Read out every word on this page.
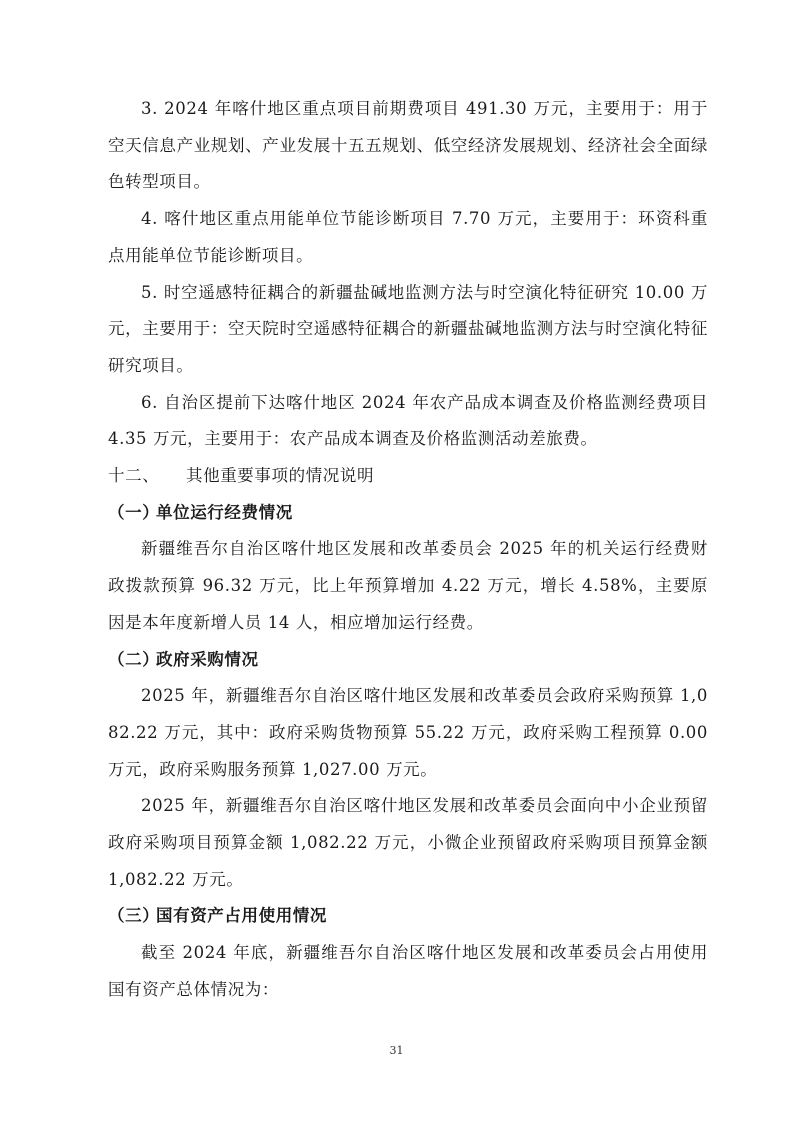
3. 2024 年喀什地区重点项目前期费项目 491.30 万元，主要用于：用于空天信息产业规划、产业发展十五五规划、低空经济发展规划、经济社会全面绿色转型项目。

4. 喀什地区重点用能单位节能诊断项目 7.70 万元，主要用于：环资科重点用能单位节能诊断项目。

5. 时空遥感特征耦合的新疆盐碱地监测方法与时空演化特征研究 10.00 万元，主要用于：空天院时空遥感特征耦合的新疆盐碱地监测方法与时空演化特征研究项目。

6. 自治区提前下达喀什地区 2024 年农产品成本调查及价格监测经费项目 4.35 万元，主要用于：农产品成本调查及价格监测活动差旅费。

十二、 其他重要事项的情况说明

（一）单位运行经费情况

新疆维吾尔自治区喀什地区发展和改革委员会 2025 年的机关运行经费财政拨款预算 96.32 万元，比上年预算增加 4.22 万元，增长 4.58%，主要原因是本年度新增人员 14 人，相应增加运行经费。

（二）政府采购情况

2025 年，新疆维吾尔自治区喀什地区发展和改革委员会政府采购预算 1,082.22 万元，其中：政府采购货物预算 55.22 万元，政府采购工程预算 0.00 万元，政府采购服务预算 1,027.00 万元。

2025 年，新疆维吾尔自治区喀什地区发展和改革委员会面向中小企业预留政府采购项目预算金额 1,082.22 万元，小微企业预留政府采购项目预算金额 1,082.22 万元。

（三）国有资产占用使用情况

截至 2024 年底，新疆维吾尔自治区喀什地区发展和改革委员会占用使用国有资产总体情况为：

31
